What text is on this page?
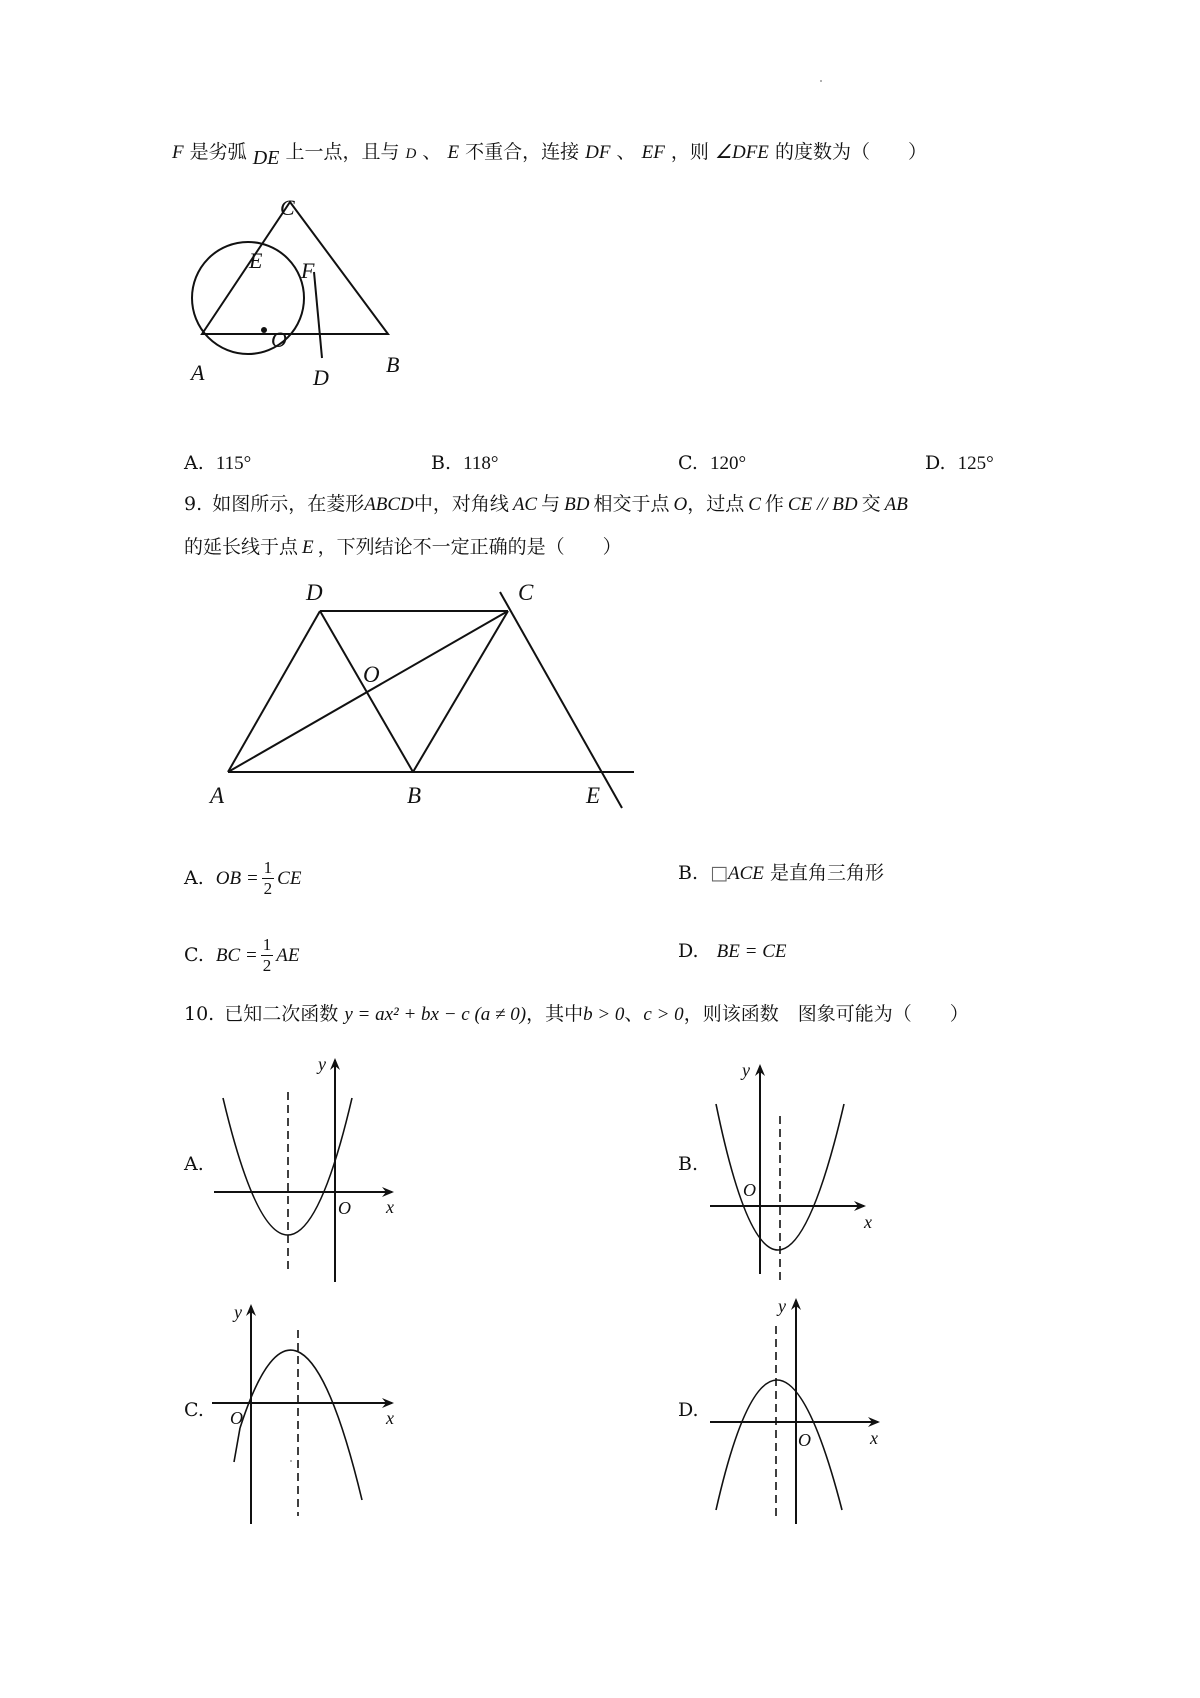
F 是劣弧 DE 上一点，且与 D 、 E 不重合，连接 DF 、 EF ，则 ∠DFE 的度数为（　　）
C
E F
O
A	D
B
A. 115°	B. 118°	C. 120°	D. 125°
9. 如图所示，在菱形ABCD中，对角线 AC 与 BD 相交于点 O，过点 C 作 CE // BD 交 AB
的延长线于点 E ，下列结论不一定正确的是（　　）
D	C
O
A	B	E
A. OB = $\frac{1}{2}$ CE	B. □ACE 是直角三角形
C. BC = $\frac{1}{2}$ AE	D. BE = CE
10. 已知二次函数 y = ax² + bx − c (a ≠ 0)，其中b > 0、c > 0，则该函数　图象可能为（　　）
A.	B.
C.	D.
y
x
O
y
x
O
y
x
O
y
x
O
